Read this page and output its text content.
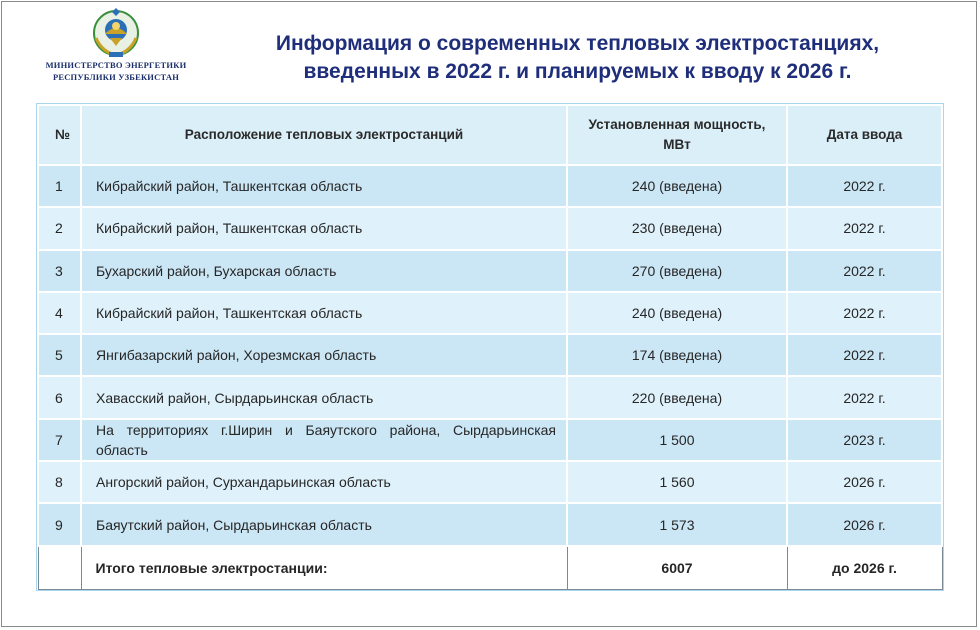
МИНИСТЕРСТВО ЭНЕРГЕТИКИ
РЕСПУБЛИКИ УЗБЕКИСТАН
Информация о современных тепловых электростанциях,
введенных в 2022 г. и планируемых к вводу к 2026 г.
№	Расположение тепловых электростанций	Установленная мощность, МВт	Дата ввода
1	Кибрайский район, Ташкентская область	240 (введена)	2022 г.
2	Кибрайский район, Ташкентская область	230 (введена)	2022 г.
3	Бухарский район, Бухарская область	270 (введена)	2022 г.
4	Кибрайский район, Ташкентская область	240 (введена)	2022 г.
5	Янгибазарский район, Хорезмская область	174 (введена)	2022 г.
6	Хавасский район, Сырдарьинская область	220 (введена)	2022 г.
7	На территориях г.Ширин и Баяутского района, Сырдарьинская область	1 500	2023 г.
8	Ангорский район, Сурхандарьинская область	1 560	2026 г.
9	Баяутский район, Сырдарьинская область	1 573	2026 г.
	Итого тепловые электростанции:	6007	до 2026 г.
